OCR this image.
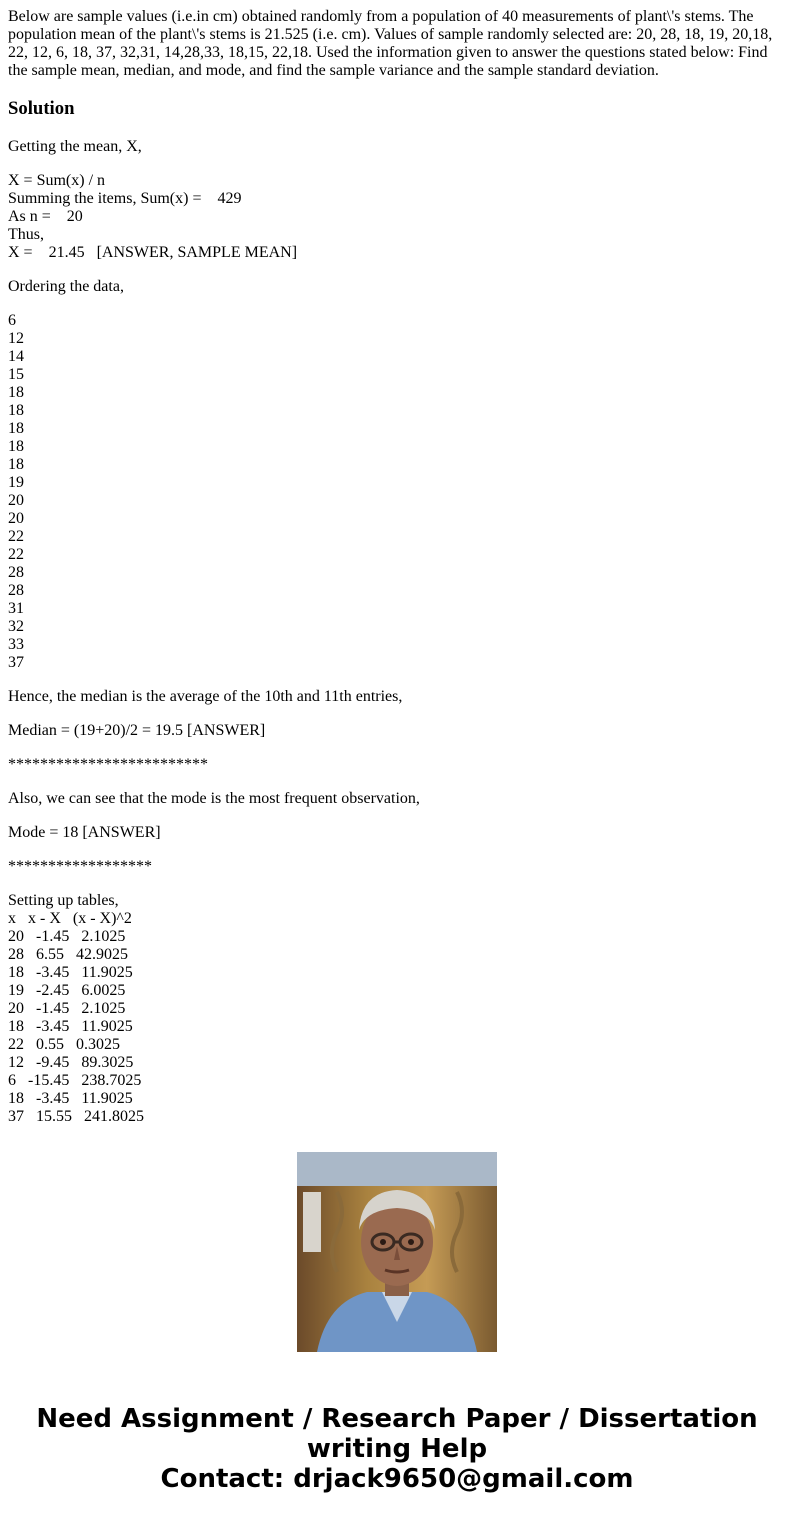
Below are sample values (i.e.in cm) obtained randomly from a population of 40 measurements of plant\'s stems. The population mean of the plant\'s stems is 21.525 (i.e. cm). Values of sample randomly selected are: 20, 28, 18, 19, 20,18, 22, 12, 6, 18, 37, 32,31, 14,28,33, 18,15, 22,18. Used the information given to answer the questions stated below: Find the sample mean, median, and mode, and find the sample variance and the sample standard deviation.

Solution
Getting the mean, X,
X = Sum(x) / n
Summing the items, Sum(x) =    429
As n =    20
Thus,
X =    21.45   [ANSWER, SAMPLE MEAN]
Ordering the data,
6
12
14
15
18
18
18
18
18
19
20
20
22
22
28
28
31
32
33
37
Hence, the median is the average of the 10th and 11th entries,
Median = (19+20)/2 = 19.5 [ANSWER]
*************************
Also, we can see that the mode is the most frequent observation,
Mode = 18 [ANSWER]
******************
Setting up tables,
x   x - X   (x - X)^2
20   -1.45   2.1025
28   6.55   42.9025
18   -3.45   11.9025
19   -2.45   6.0025
20   -1.45   2.1025
18   -3.45   11.9025
22   0.55   0.3025
12   -9.45   89.3025
6   -15.45   238.7025
18   -3.45   11.9025
37   15.55   241.8025
Need Assignment / Research Paper / Dissertation
writing Help
Contact: drjack9650@gmail.com
